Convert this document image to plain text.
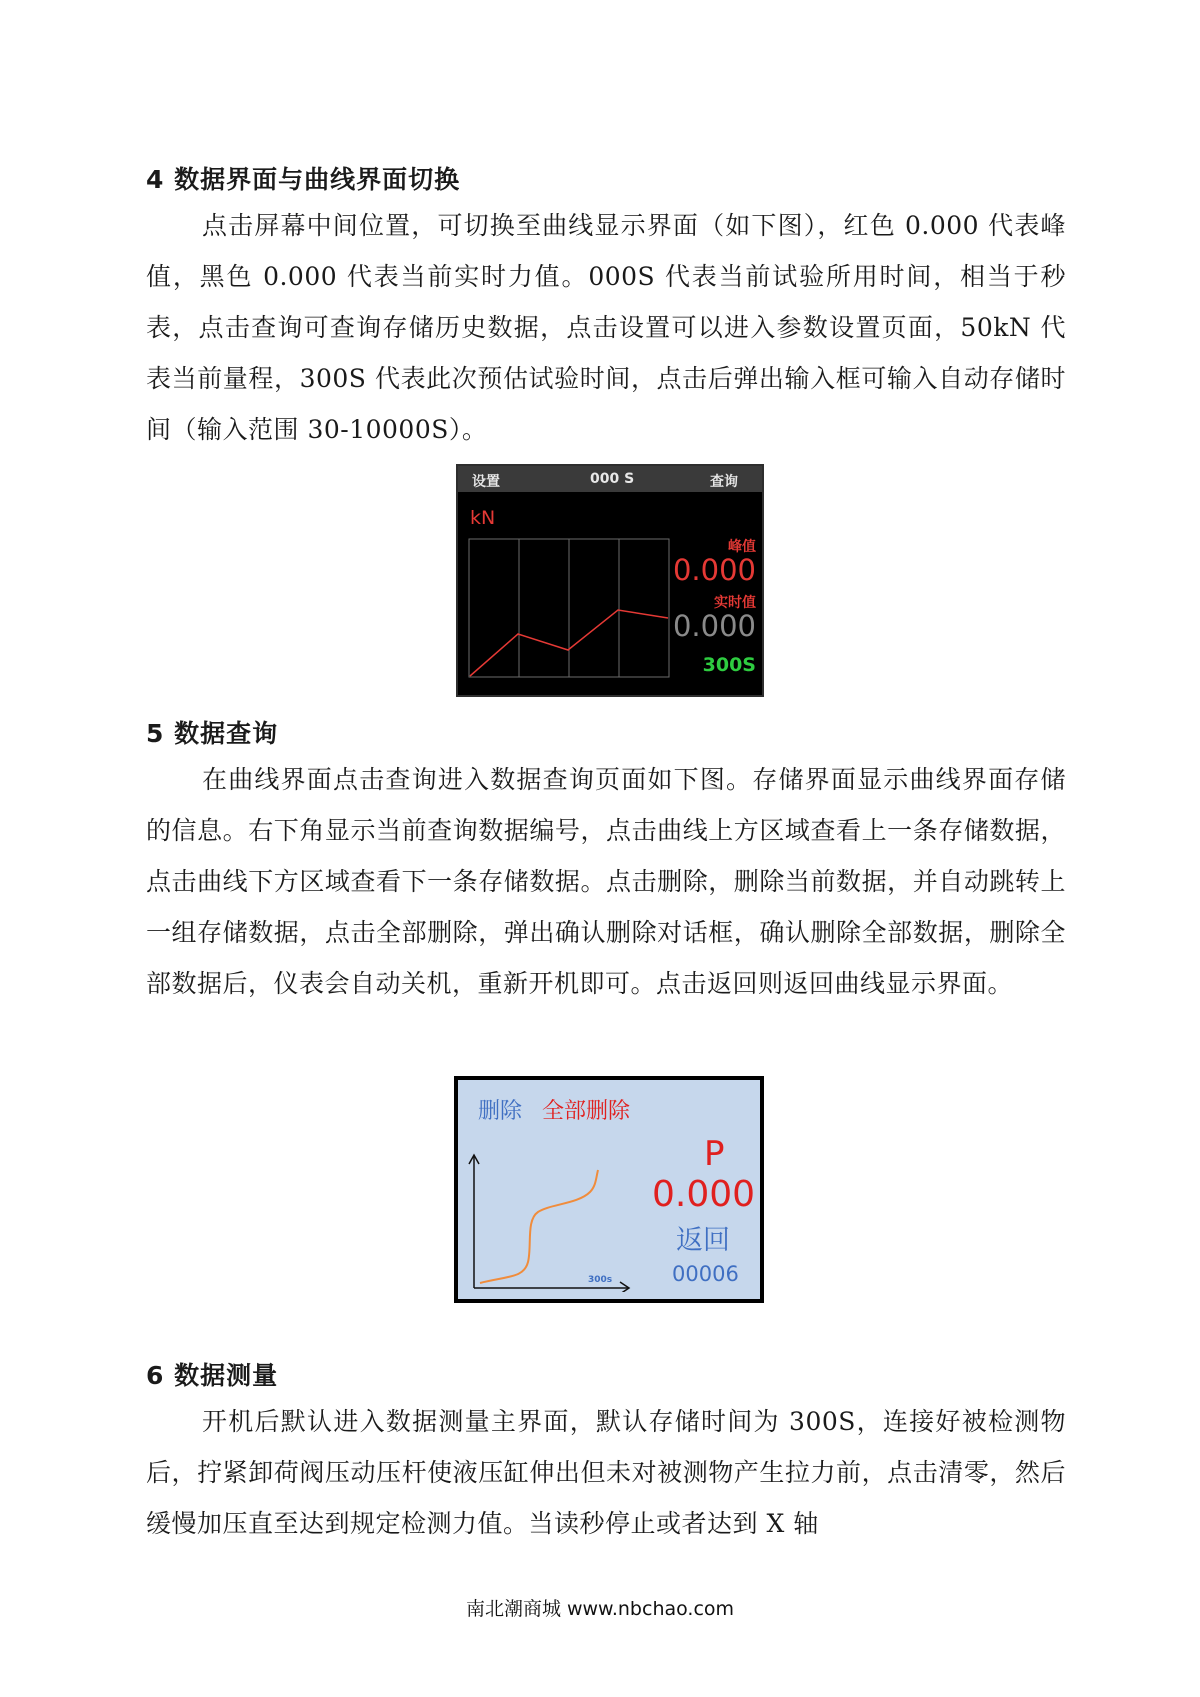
4 数据界面与曲线界面切换

点击屏幕中间位置，可切换至曲线显示界面（如下图），红色 0.000 代表峰值，黑色 0.000 代表当前实时力值。000S 代表当前试验所用时间，相当于秒表，点击查询可查询存储历史数据，点击设置可以进入参数设置页面，50kN 代表当前量程，300S 代表此次预估试验时间，点击后弹出输入框可输入自动存储时间（输入范围 30-10000S）。

设置	000 S	查询
kN
峰值
0.000
实时值
0.000
300S
5 数据查询

在曲线界面点击查询进入数据查询页面如下图。存储界面显示曲线界面存储的信息。右下角显示当前查询数据编号，点击曲线上方区域查看上一条存储数据，点击曲线下方区域查看下一条存储数据。点击删除，删除当前数据，并自动跳转上一组存储数据，点击全部删除，弹出确认删除对话框，确认删除全部数据，删除全部数据后，仪表会自动关机，重新开机即可。点击返回则返回曲线显示界面。

删除 全部删除
300s
P
0.000
返回
00006
6 数据测量

开机后默认进入数据测量主界面，默认存储时间为 300S，连接好被检测物后，拧紧卸荷阀压动压杆使液压缸伸出但未对被测物产生拉力前，点击清零，然后缓慢加压直至达到规定检测力值。当读秒停止或者达到 X 轴

南北潮商城 www.nbchao.com
